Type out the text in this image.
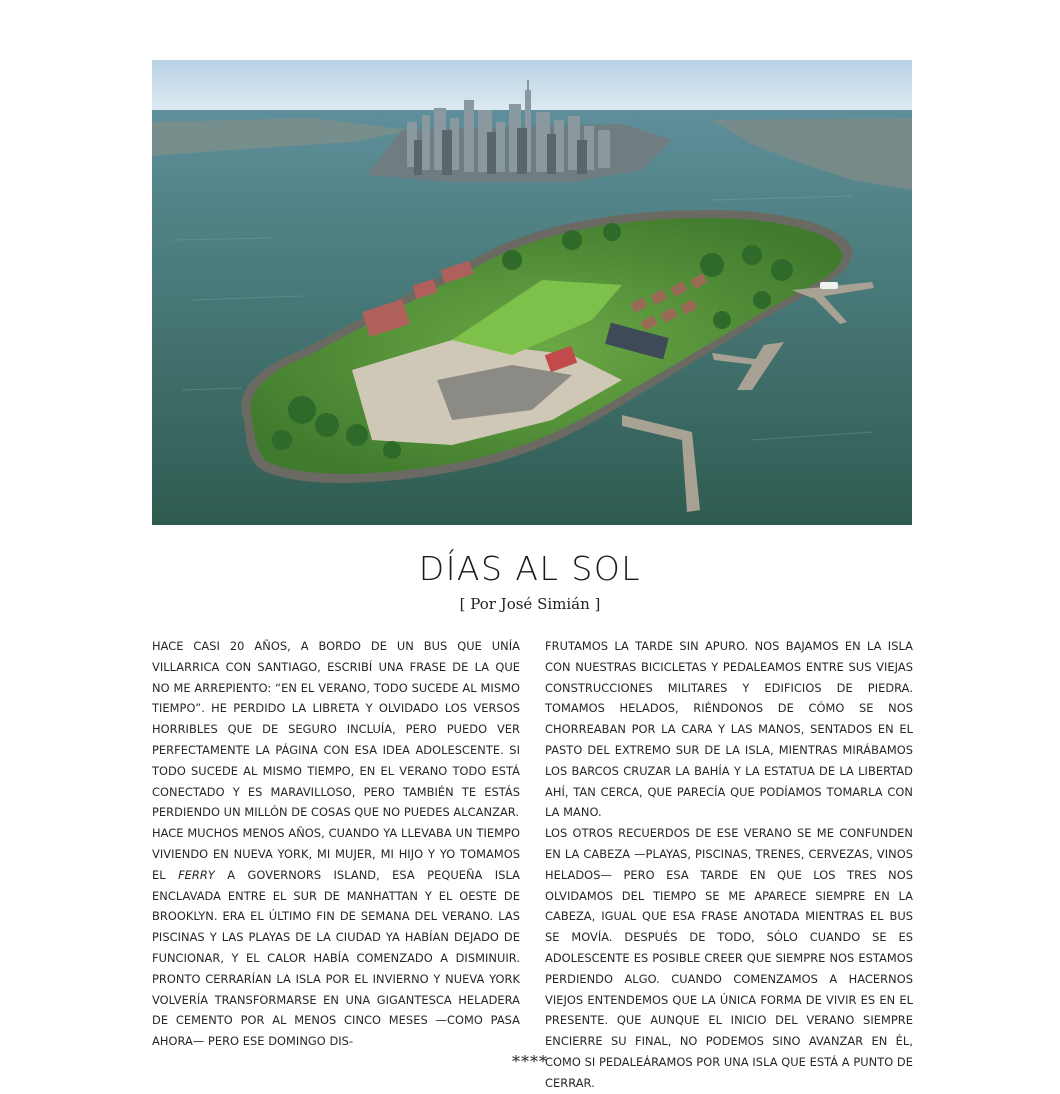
DÍAS AL SOL
[ Por José Simián ]

HACE CASI 20 AÑOS, A BORDO DE UN BUS QUE UNÍA VILLARRICA CON SANTIAGO, ESCRIBÍ UNA FRASE DE LA QUE NO ME ARREPIENTO: “EN EL VERANO, TODO SUCEDE AL MISMO TIEMPO”. HE PERDIDO LA LIBRETA Y OLVIDADO LOS VERSOS HORRIBLES QUE DE SEGURO INCLUÍA, PERO PUEDO VER PERFECTAMENTE LA PÁGINA CON ESA IDEA ADOLESCENTE. SI TODO SUCEDE AL MISMO TIEMPO, EN EL VERANO TODO ESTÁ CONECTADO Y ES MARAVILLOSO, PERO TAMBIÉN TE ESTÁS PERDIENDO UN MILLÓN DE COSAS QUE NO PUEDES ALCANZAR.

HACE MUCHOS MENOS AÑOS, CUANDO YA LLEVABA UN TIEMPO VIVIENDO EN NUEVA YORK, MI MUJER, MI HIJO Y YO TOMAMOS EL FERRY A GOVERNORS ISLAND, ESA PEQUEÑA ISLA ENCLAVADA ENTRE EL SUR DE MANHATTAN Y EL OESTE DE BROOKLYN. ERA EL ÚLTIMO FIN DE SEMANA DEL VERANO. LAS PISCINAS Y LAS PLAYAS DE LA CIUDAD YA HABÍAN DEJADO DE FUNCIONAR, Y EL CALOR HABÍA COMENZADO A DISMINUIR. PRONTO CERRARÍAN LA ISLA POR EL INVIERNO Y NUEVA YORK VOLVERÍA TRANSFORMARSE EN UNA GIGANTESCA HELADERA DE CEMENTO POR AL MENOS CINCO MESES —COMO PASA AHORA— PERO ESE DOMINGO DIS-

FRUTAMOS LA TARDE SIN APURO. NOS BAJAMOS EN LA ISLA CON NUESTRAS BICICLETAS Y PEDALEAMOS ENTRE SUS VIEJAS CONSTRUCCIONES MILITARES Y EDIFICIOS DE PIEDRA. TOMAMOS HELADOS, RIÉNDONOS DE CÓMO SE NOS CHORREABAN POR LA CARA Y LAS MANOS, SENTADOS EN EL PASTO DEL EXTREMO SUR DE LA ISLA, MIENTRAS MIRÁBAMOS LOS BARCOS CRUZAR LA BAHÍA Y LA ESTATUA DE LA LIBERTAD AHÍ, TAN CERCA, QUE PARECÍA QUE PODÍAMOS TOMARLA CON LA MANO.

LOS OTROS RECUERDOS DE ESE VERANO SE ME CONFUNDEN EN LA CABEZA —PLAYAS, PISCINAS, TRENES, CERVEZAS, VINOS HELADOS— PERO ESA TARDE EN QUE LOS TRES NOS OLVIDAMOS DEL TIEMPO SE ME APARECE SIEMPRE EN LA CABEZA, IGUAL QUE ESA FRASE ANOTADA MIENTRAS EL BUS SE MOVÍA. DESPUÉS DE TODO, SÓLO CUANDO SE ES ADOLESCENTE ES POSIBLE CREER QUE SIEMPRE NOS ESTAMOS PERDIENDO ALGO. CUANDO COMENZAMOS A HACERNOS VIEJOS ENTENDEMOS QUE LA ÚNICA FORMA DE VIVIR ES EN EL PRESENTE. QUE AUNQUE EL INICIO DEL VERANO SIEMPRE ENCIERRE SU FINAL, NO PODEMOS SINO AVANZAR EN ÉL, COMO SI PEDALEÁRAMOS POR UNA ISLA QUE ESTÁ A PUNTO DE CERRAR.

****
